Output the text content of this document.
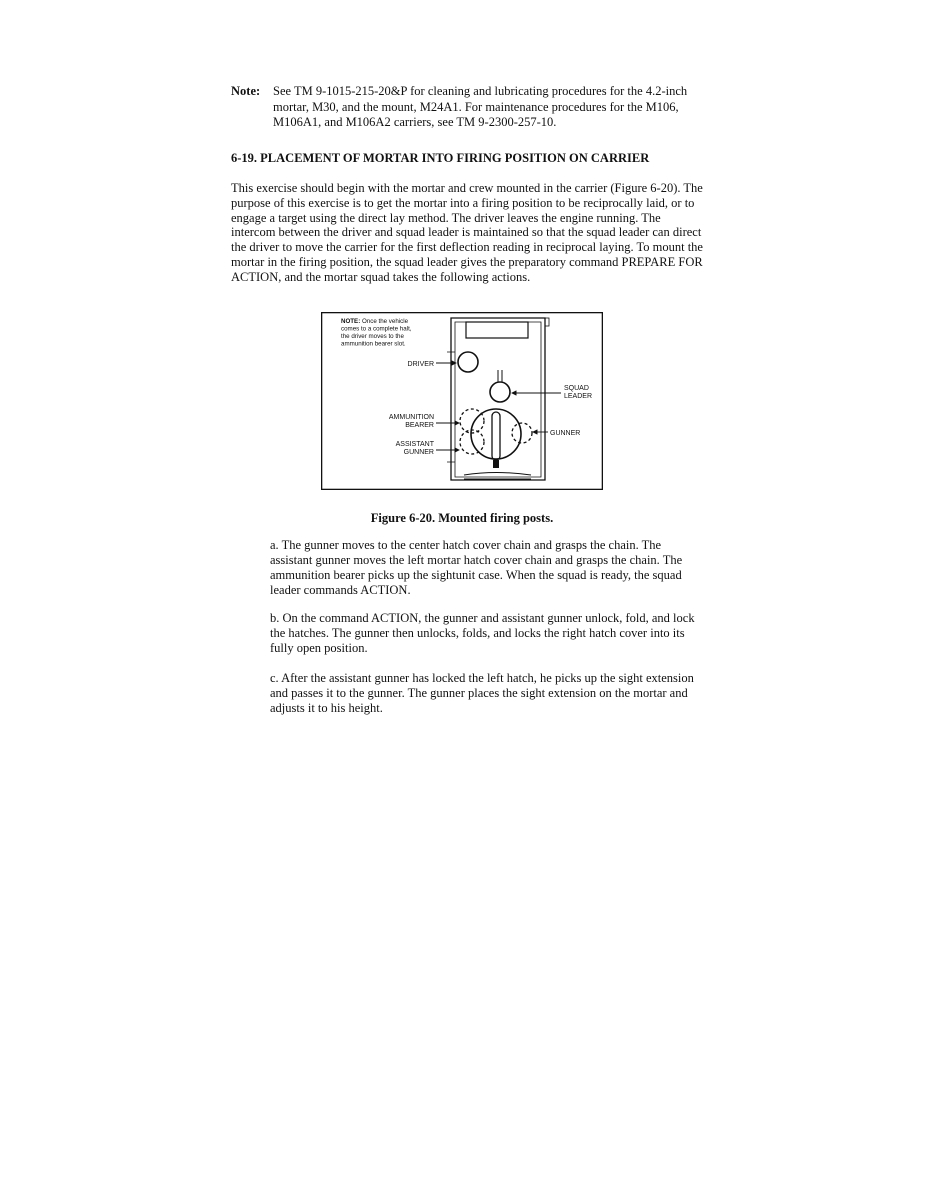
Note: See TM 9-1015-215-20&P for cleaning and lubricating procedures for the 4.2-inch mortar, M30, and the mount, M24A1. For maintenance procedures for the M106, M106A1, and M106A2 carriers, see TM 9-2300-257-10.
6-19. PLACEMENT OF MORTAR INTO FIRING POSITION ON CARRIER
This exercise should begin with the mortar and crew mounted in the carrier (Figure 6-20). The purpose of this exercise is to get the mortar into a firing position to be reciprocally laid, or to engage a target using the direct lay method. The driver leaves the engine running. The intercom between the driver and squad leader is maintained so that the squad leader can direct the driver to move the carrier for the first deflection reading in reciprocal laying. To mount the mortar in the firing position, the squad leader gives the preparatory command PREPARE FOR ACTION, and the mortar squad takes the following actions.
NOTE: Once the vehicle
comes to a complete halt,
the driver moves to the
ammunition bearer slot.
DRIVER
SQUAD
LEADER
AMMUNITION
BEARER
ASSISTANT
GUNNER
GUNNER
Figure 6-20. Mounted firing posts.
a. The gunner moves to the center hatch cover chain and grasps the chain. The assistant gunner moves the left mortar hatch cover chain and grasps the chain. The ammunition bearer picks up the sightunit case. When the squad is ready, the squad leader commands ACTION.
b. On the command ACTION, the gunner and assistant gunner unlock, fold, and lock the hatches. The gunner then unlocks, folds, and locks the right hatch cover into its fully open position.
c. After the assistant gunner has locked the left hatch, he picks up the sight extension and passes it to the gunner. The gunner places the sight extension on the mortar and adjusts it to his height.
